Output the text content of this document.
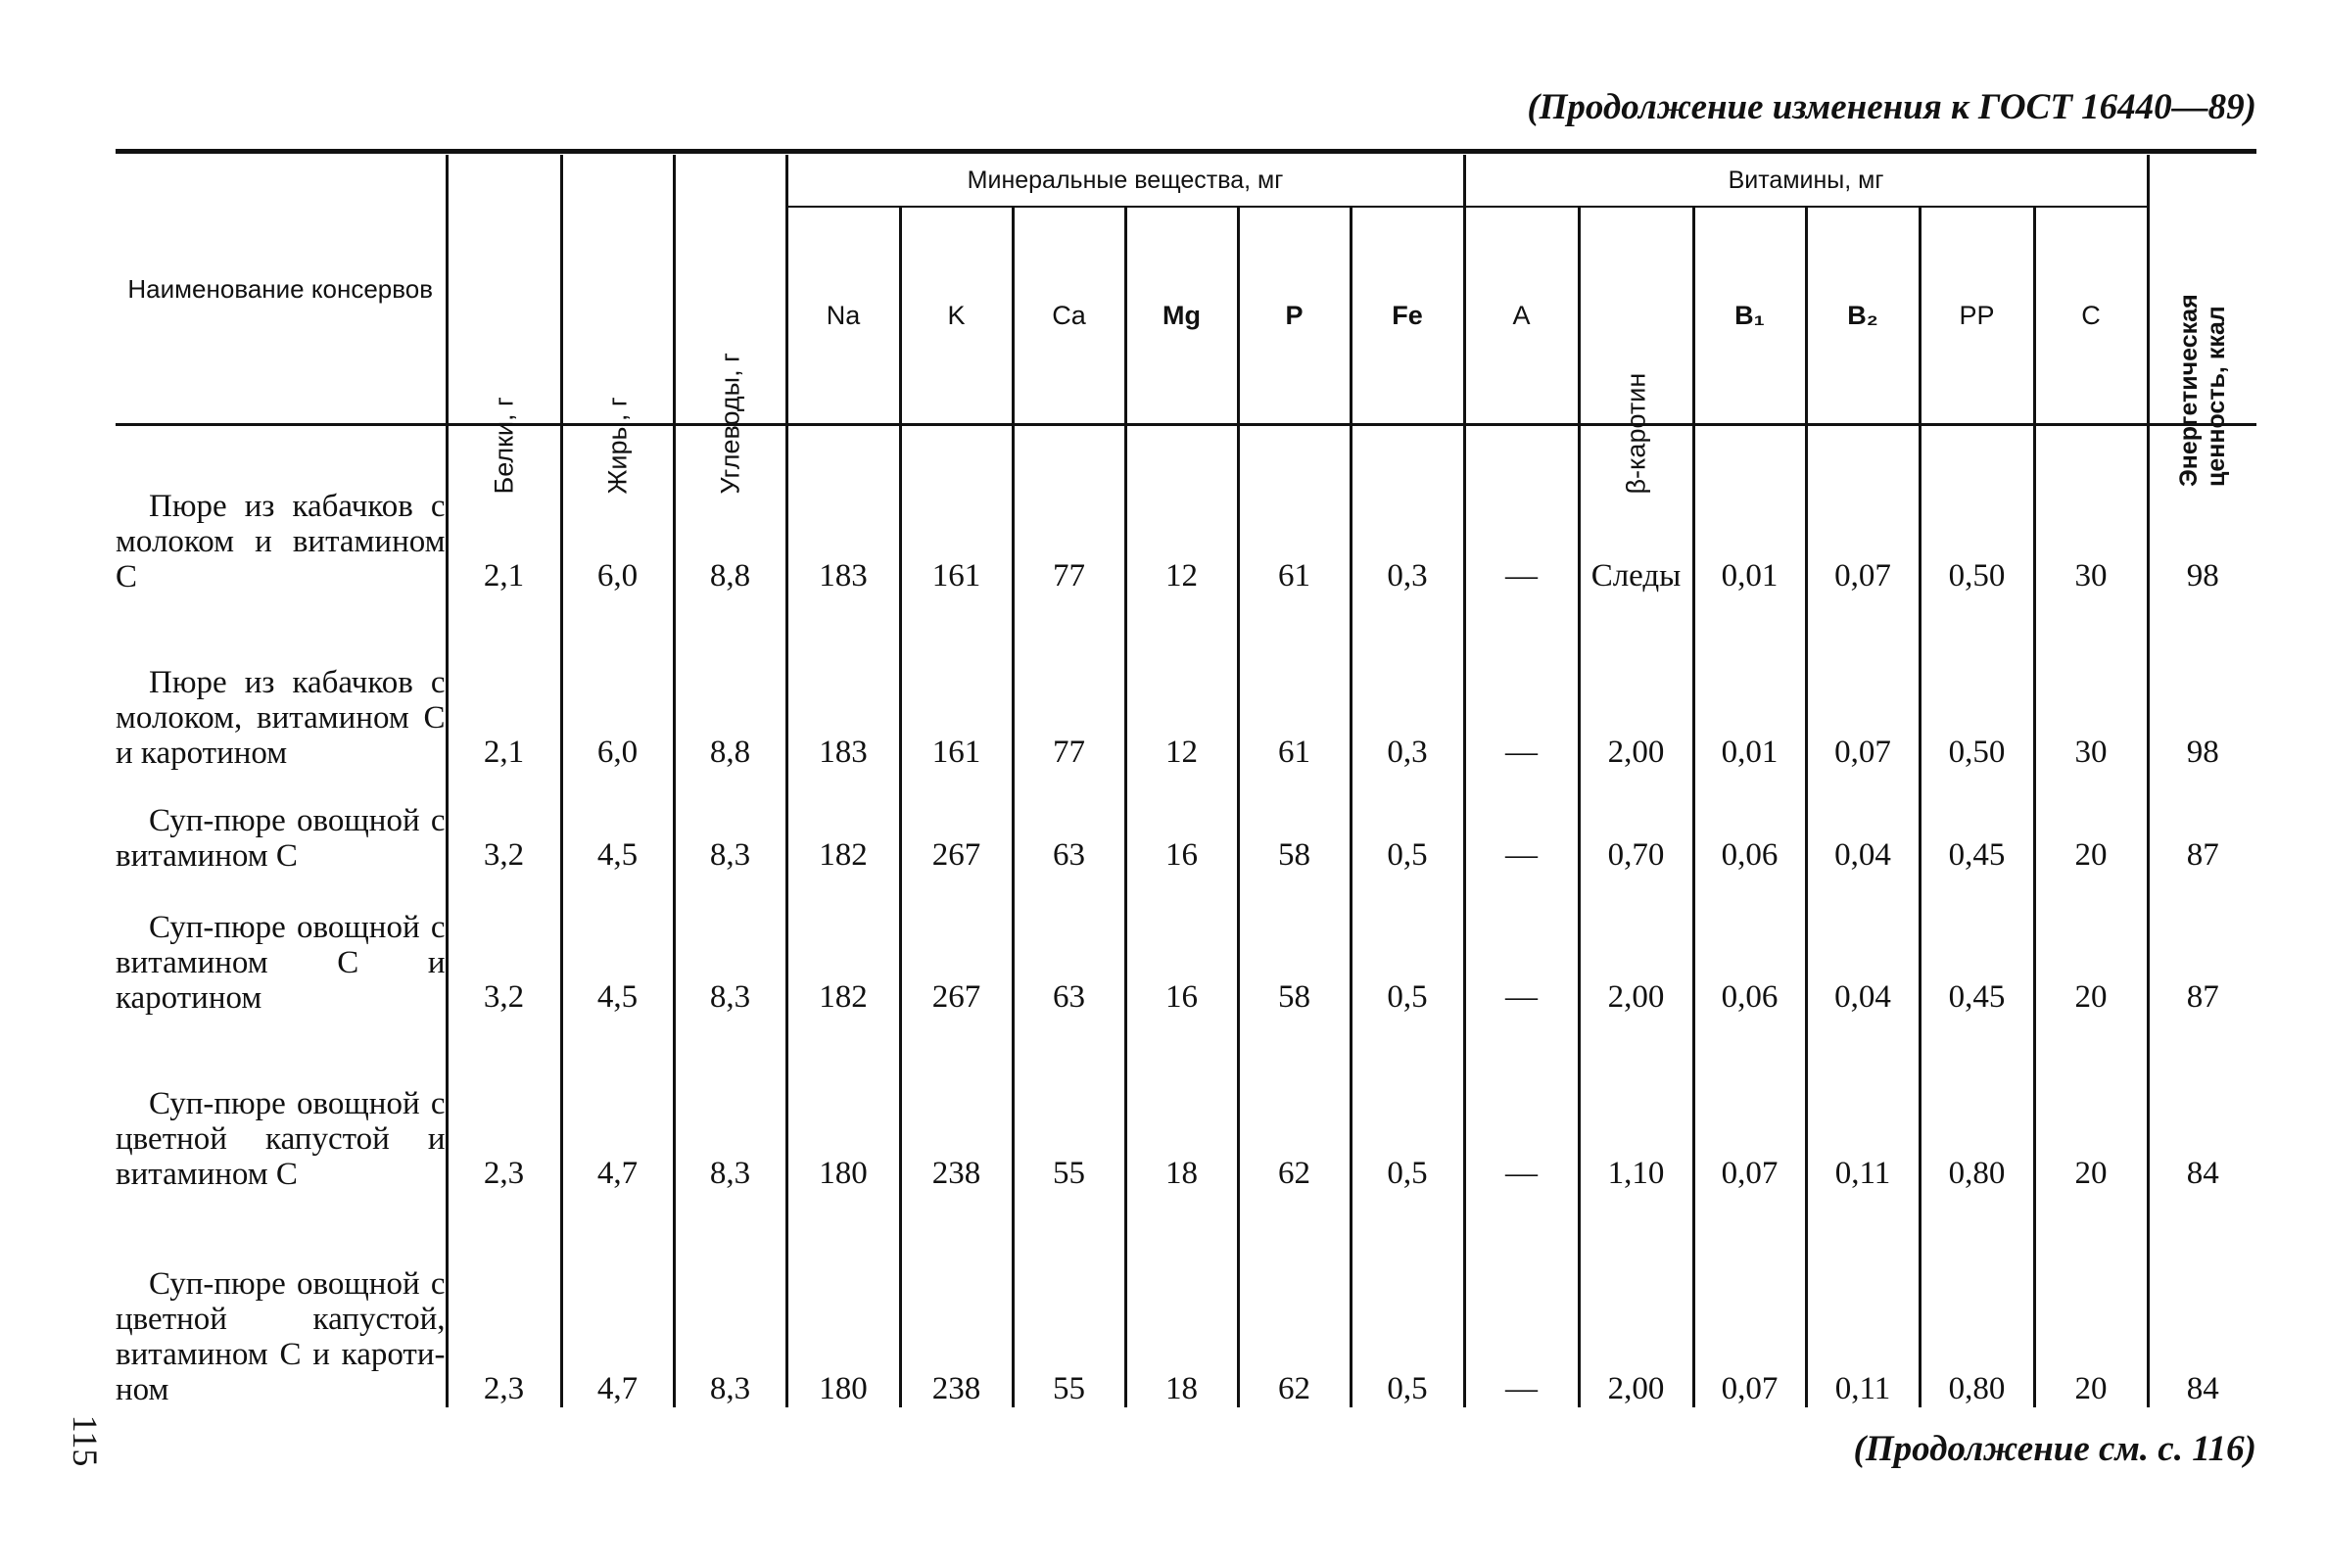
(Продолжение изменения к ГОСТ 16440—89)
Наименование консервов	Белки, г	Жиры, г	Углеводы, г	Минеральные вещества, мг						Витамины, мг						Энергетическая ценность, ккал

				Na	K	Ca	Mg	P	Fe	A	β-каротин	B₁	B₂	PP	C	

Пюре из кабачков с молоком и витамином С	2,1	6,0	8,8	183	161	77	12	61	0,3	—	Следы	0,01	0,07	0,50	30	98

Пюре из кабачков с молоком, витамином С и каротином	2,1	6,0	8,8	183	161	77	12	61	0,3	—	2,00	0,01	0,07	0,50	30	98

Суп-пюре овощной с витамином С	3,2	4,5	8,3	182	267	63	16	58	0,5	—	0,70	0,06	0,04	0,45	20	87

Суп-пюре овощной с витамином С и каротином	3,2	4,5	8,3	182	267	63	16	58	0,5	—	2,00	0,06	0,04	0,45	20	87

Суп-пюре овощной с цветной капустой и витамином С	2,3	4,7	8,3	180	238	55	18	62	0,5	—	1,10	0,07	0,11	0,80	20	84

Суп-пюре овощной с цветной капустой, витамином С и каротином	2,3	4,7	8,3	180	238	55	18	62	0,5	—	2,00	0,07	0,11	0,80	20	84
(Продолжение см. с. 116)
115
